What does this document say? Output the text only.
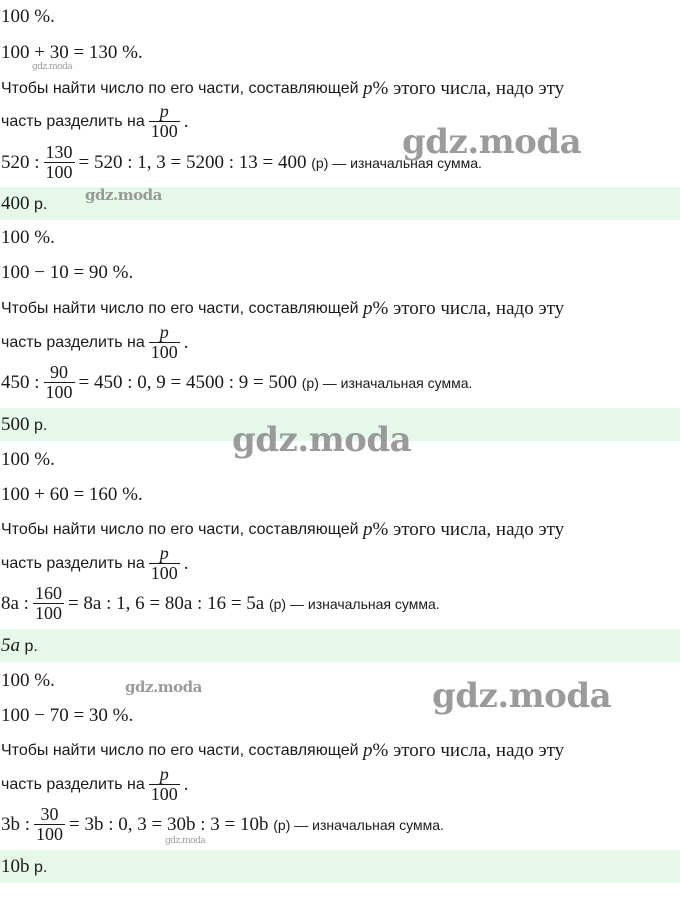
100 %.
100 + 30 = 130 %.
Чтобы найти число по его части, составляющей
p % этого числа, надо эту
часть разделить на $\frac{p}{100}$ .
520 : $\frac{130}{100} = 520$ : 1, 3 = 5200 : 13 = 400
(р) — изначальная сумма.
400
р.
100 %.
100 − 10 = 90 %.
Чтобы найти число по его части, составляющей
p % этого числа, надо эту
часть разделить на $\frac{p}{100}$ .
450 : $\frac{90}{100} = 450$ : 0, 9 = 4500 : 9 = 500
(р) — изначальная сумма.
500
р.
100 %.
100 + 60 = 160 %.
Чтобы найти число по его части, составляющей
p % этого числа, надо эту
часть разделить на $\frac{p}{100}$ .
8a : $\frac{160}{100} = 8a$ : 1, 6 = 80a : 16 = 5a
(р) — изначальная сумма.
5a
р.
100 %.
100 − 70 = 30 %.
Чтобы найти число по его части, составляющей
p % этого числа, надо эту
часть разделить на $\frac{p}{100}$ .
3b : $\frac{30}{100} = 3b$ : 0, 3 = 30b : 3 = 10b
(р) — изначальная сумма.
10b
р.
gdz.moda
gdz.moda
gdz.moda
gdz.moda
gdz.moda	gdz.moda
gdz.moda
